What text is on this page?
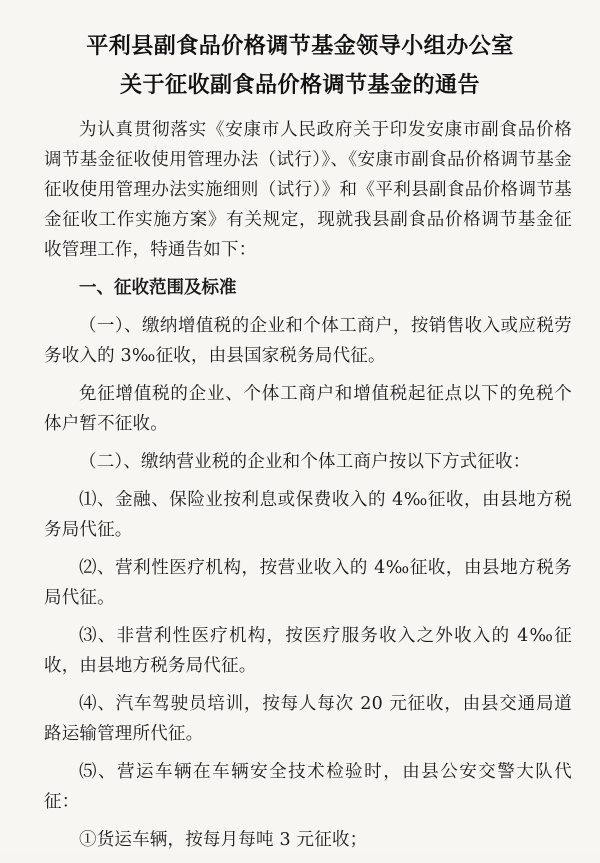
平利县副食品价格调节基金领导小组办公室
关于征收副食品价格调节基金的通告

为认真贯彻落实《安康市人民政府关于印发安康市副食品价格调节基金征收使用管理办法（试行）》、《安康市副食品价格调节基金征收使用管理办法实施细则（试行）》和《平利县副食品价格调节基金征收工作实施方案》有关规定，现就我县副食品价格调节基金征收管理工作，特通告如下：

一、征收范围及标准

（一）、缴纳增值税的企业和个体工商户，按销售收入或应税劳务收入的 3‰征收，由县国家税务局代征。

免征增值税的企业、个体工商户和增值税起征点以下的免税个体户暂不征收。

（二）、缴纳营业税的企业和个体工商户按以下方式征收：

⑴、金融、保险业按利息或保费收入的 4‰征收，由县地方税务局代征。

⑵、营利性医疗机构，按营业收入的 4‰征收，由县地方税务局代征。

⑶、非营利性医疗机构，按医疗服务收入之外收入的 4‰征收，由县地方税务局代征。

⑷、汽车驾驶员培训，按每人每次 20 元征收，由县交通局道路运输管理所代征。

⑸、营运车辆在车辆安全技术检验时，由县公安交警大队代征：

①货运车辆，按每月每吨 3 元征收；
